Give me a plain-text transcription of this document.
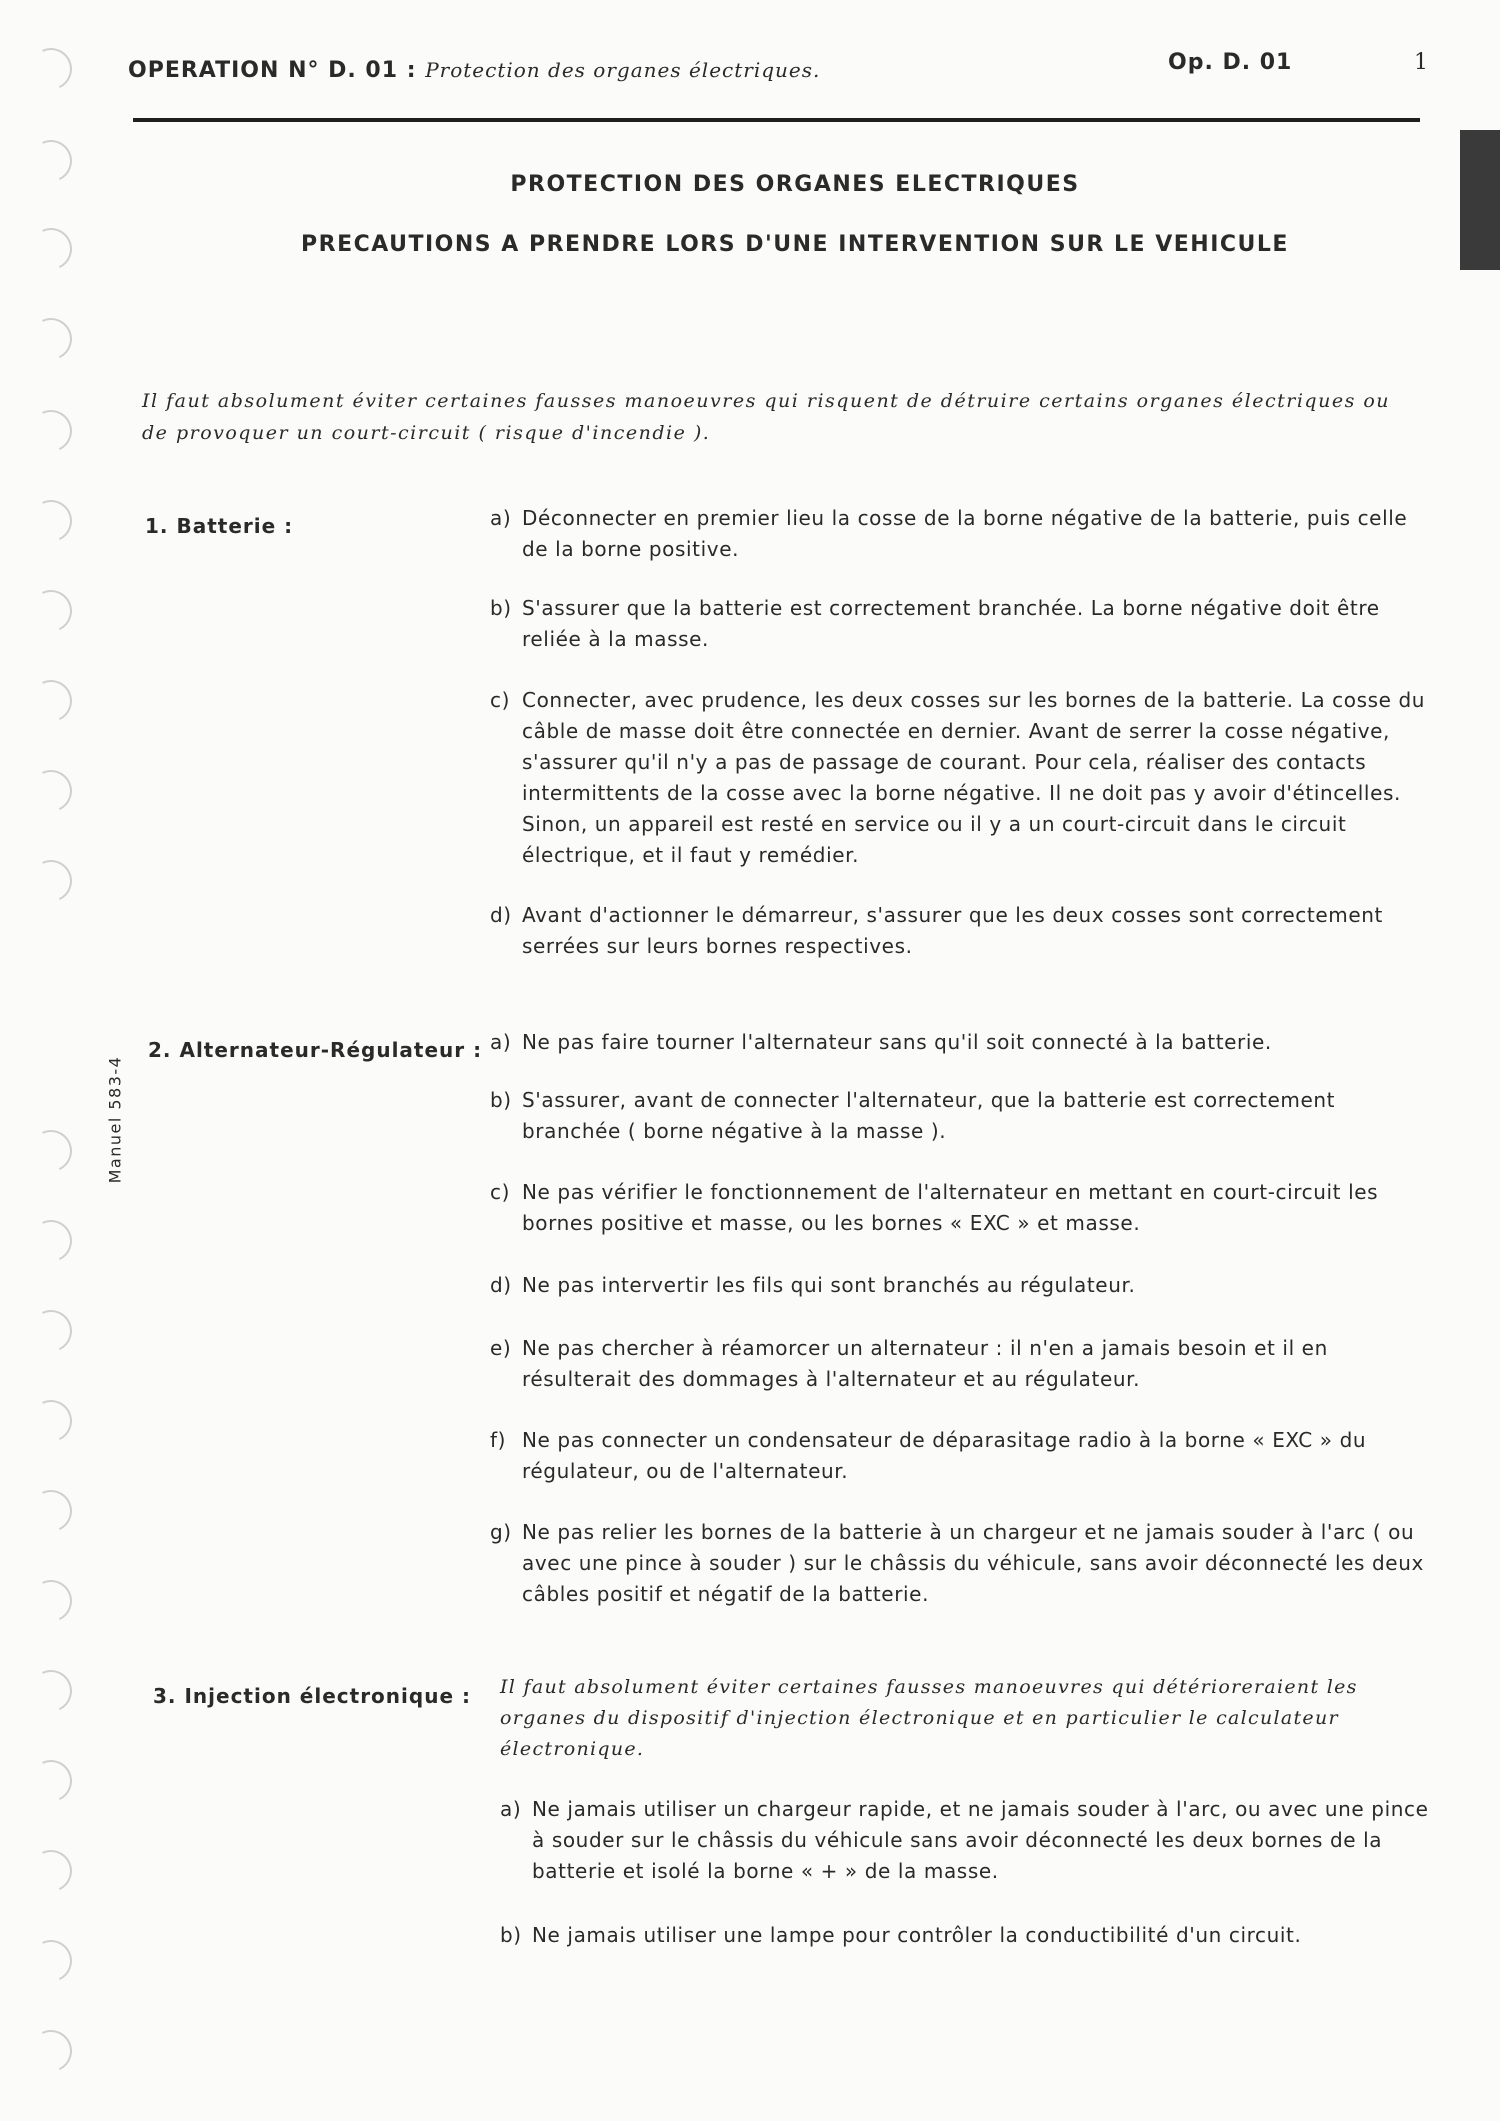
OPERATION N° D. 01 : Protection des organes électriques.	Op. D. 01	1
PROTECTION DES ORGANES ELECTRIQUES
PRECAUTIONS A PRENDRE LORS D'UNE INTERVENTION SUR LE VEHICULE
Il faut absolument éviter certaines fausses manoeuvres qui risquent de détruire certains organes électriques ou de provoquer un court-circuit ( risque d'incendie ).
Manuel 583-4
1. Batterie :	a) Déconnecter en premier lieu la cosse de la borne négative de la batterie, puis celle de la borne positive.
b) S'assurer que la batterie est correctement branchée. La borne négative doit être reliée à la masse.
c) Connecter, avec prudence, les deux cosses sur les bornes de la batterie. La cosse du câble de masse doit être connectée en dernier. Avant de serrer la cosse négative, s'assurer qu'il n'y a pas de passage de courant. Pour cela, réaliser des contacts intermittents de la cosse avec la borne négative. Il ne doit pas y avoir d'étincelles. Sinon, un appareil est resté en service ou il y a un court-circuit dans le circuit électrique, et il faut y remédier.
d) Avant d'actionner le démarreur, s'assurer que les deux cosses sont correctement serrées sur leurs bornes respectives.
2. Alternateur-Régulateur : a) Ne pas faire tourner l'alternateur sans qu'il soit connecté à la batterie.
b) S'assurer, avant de connecter l'alternateur, que la batterie est correctement branchée ( borne négative à la masse ).
c) Ne pas vérifier le fonctionnement de l'alternateur en mettant en court-circuit les bornes positive et masse, ou les bornes « EXC » et masse.
d) Ne pas intervertir les fils qui sont branchés au régulateur.
e) Ne pas chercher à réamorcer un alternateur : il n'en a jamais besoin et il en résulterait des dommages à l'alternateur et au régulateur.
f) Ne pas connecter un condensateur de déparasitage radio à la borne « EXC » du régulateur, ou de l'alternateur.
g) Ne pas relier les bornes de la batterie à un chargeur et ne jamais souder à l'arc ( ou avec une pince à souder ) sur le châssis du véhicule, sans avoir déconnecté les deux câbles positif et négatif de la batterie.
3. Injection électronique : Il faut absolument éviter certaines fausses manoeuvres qui détérioreraient les organes du dispositif d'injection électronique et en particulier le calculateur électronique.
a) Ne jamais utiliser un chargeur rapide, et ne jamais souder à l'arc, ou avec une pince à souder sur le châssis du véhicule sans avoir déconnecté les deux bornes de la batterie et isolé la borne « + » de la masse.
b) Ne jamais utiliser une lampe pour contrôler la conductibilité d'un circuit.
